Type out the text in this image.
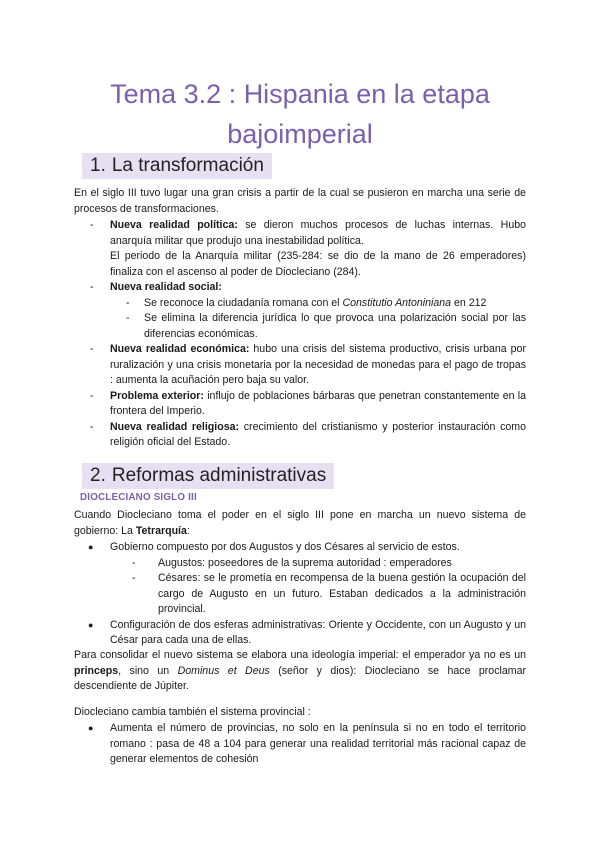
Tema 3.2 : Hispania en la etapa bajoimperial
1. La transformación

En el siglo III tuvo lugar una gran crisis a partir de la cual se pusieron en marcha una serie de procesos de transformaciones.

- Nueva realidad política: se dieron muchos procesos de luchas internas. Hubo anarquía militar que produjo una inestabilidad política.
El periodo de la Anarquía militar (235-284: se dio de la mano de 26 emperadores) finaliza con el ascenso al poder de Diocleciano (284).
- Nueva realidad social:
- Se reconoce la ciudadanía romana con el Constitutio Antoniniana en 212
- Se elimina la diferencia jurídica lo que provoca una polarización social por las diferencias económicas.
- Nueva realidad económica: hubo una crisis del sistema productivo, crisis urbana por ruralización y una crisis monetaria por la necesidad de monedas para el pago de tropas : aumenta la acuñación pero baja su valor.
- Problema exterior: influjo de poblaciones bárbaras que penetran constantemente en la frontera del Imperio.
- Nueva realidad religiosa: crecimiento del cristianismo y posterior instauración como religión oficial del Estado.
2. Reformas administrativas

DIOCLECIANO SIGLO III

Cuando Diocleciano toma el poder en el siglo III pone en marcha un nuevo sistema de gobierno: La Tetrarquía:

● Gobierno compuesto por dos Augustos y dos Césares al servicio de estos.
- Augustos: poseedores de la suprema autoridad : emperadores
- Césares: se le prometía en recompensa de la buena gestión la ocupación del cargo de Augusto en un futuro. Estaban dedicados a la administración provincial.
● Configuración de dos esferas administrativas: Oriente y Occidente, con un Augusto y un César para cada una de ellas.

Para consolidar el nuevo sistema se elabora una ideología imperial: el emperador ya no es un princeps, sino un Dominus et Deus (señor y dios): Diocleciano se hace proclamar descendiente de Júpiter.

Diocleciano cambia también el sistema provincial :

● Aumenta el número de provincias, no solo en la península si no en todo el territorio romano : pasa de 48 a 104 para generar una realidad territorial más racional capaz de generar elementos de cohesión
